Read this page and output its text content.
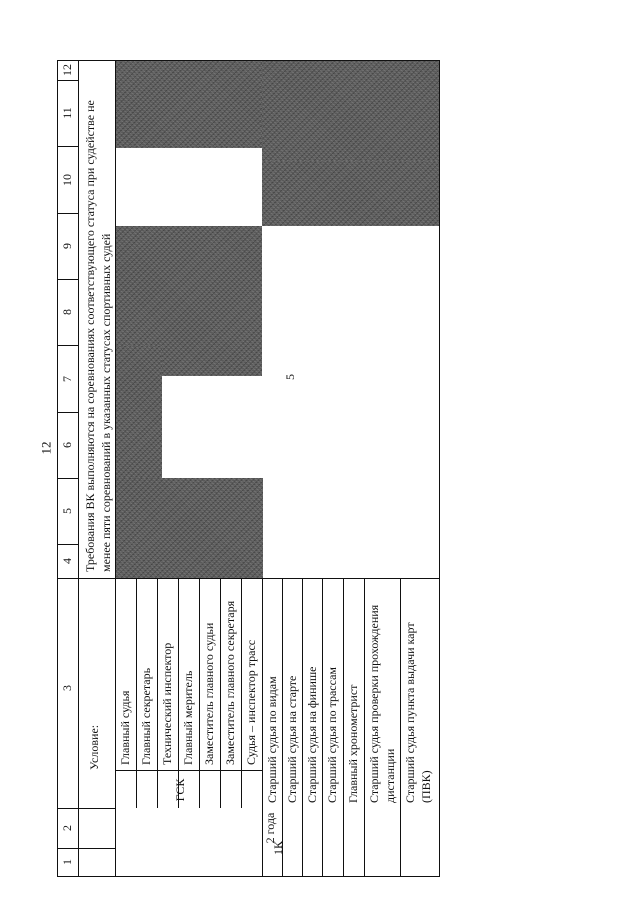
12
1
2
3
4
5
6
7
8
9
10
11
12
1К
2 года
Условие:
Требования ВК выполняются на соревнованиях соответствующего статуса при судействе не менее пяти соревнований в указанных статусах спортивных судей
ГСК
Главный судья Главный секретарь Технический инспектор Главный меритель Заместитель главного судьи Заместитель главного секретаря Судья – инспектор трасс Старший судья по видам Старший судья на старте Старший судья на финише Старший судья по трассам Главный хронометрист Старший судья проверки прохождения дистанции Старший судья пункта выдачи карт (ПВК)
5
